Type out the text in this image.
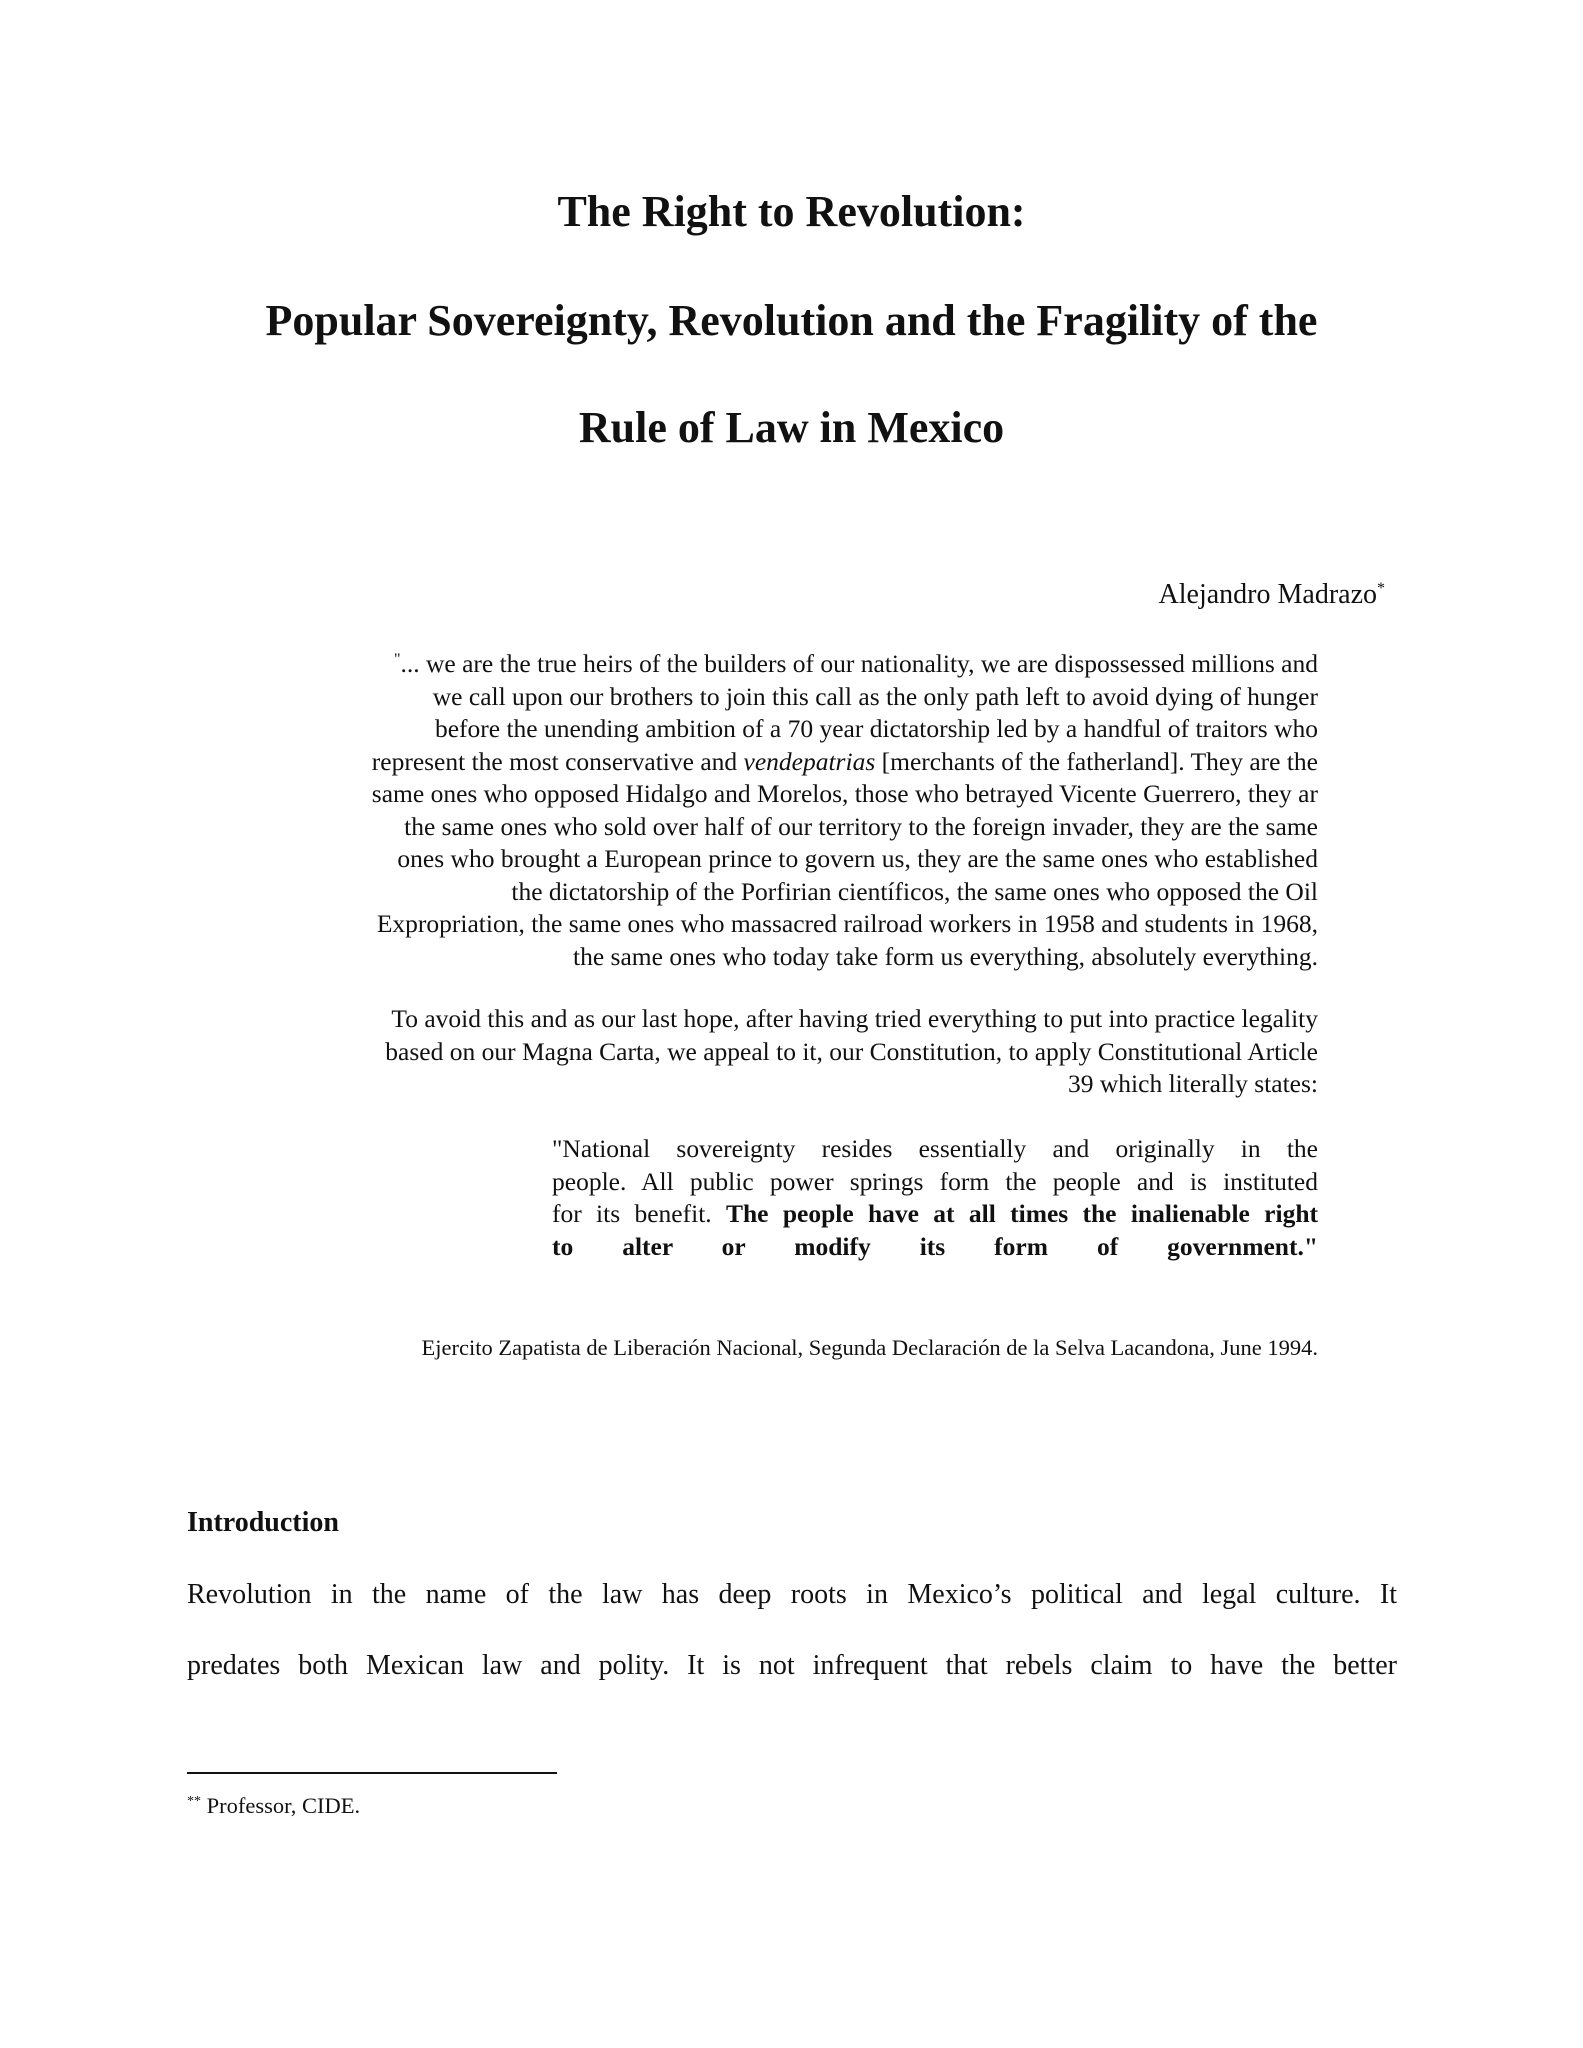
The Right to Revolution:
Popular Sovereignty, Revolution and the Fragility of the
Rule of Law in Mexico
Alejandro Madrazo*
"... we are the true heirs of the builders of our nationality, we are dispossessed millions and
we call upon our brothers to join this call as the only path left to avoid dying of hunger
before the unending ambition of a 70 year dictatorship led by a handful of traitors who
represent the most conservative and vendepatrias [merchants of the fatherland]. They are the
same ones who opposed Hidalgo and Morelos, those who betrayed Vicente Guerrero, they ar
the same ones who sold over half of our territory to the foreign invader, they are the same
ones who brought a European prince to govern us, they are the same ones who established
the dictatorship of the Porfirian científicos, the same ones who opposed the Oil
Expropriation, the same ones who massacred railroad workers in 1958 and students in 1968,
the same ones who today take form us everything, absolutely everything.
To avoid this and as our last hope, after having tried everything to put into practice legality
based on our Magna Carta, we appeal to it, our Constitution, to apply Constitutional Article
39 which literally states:
"National sovereignty resides essentially and originally in the
people. All public power springs form the people and is instituted
for its benefit. The people have at all times the inalienable right
to alter or modify its form of government."
Ejercito Zapatista de Liberación Nacional, Segunda Declaración de la Selva Lacandona, June 1994.
Introduction
Revolution in the name of the law has deep roots in Mexico’s political and legal culture. It
predates both Mexican law and polity. It is not infrequent that rebels claim to have the better
** Professor, CIDE.
